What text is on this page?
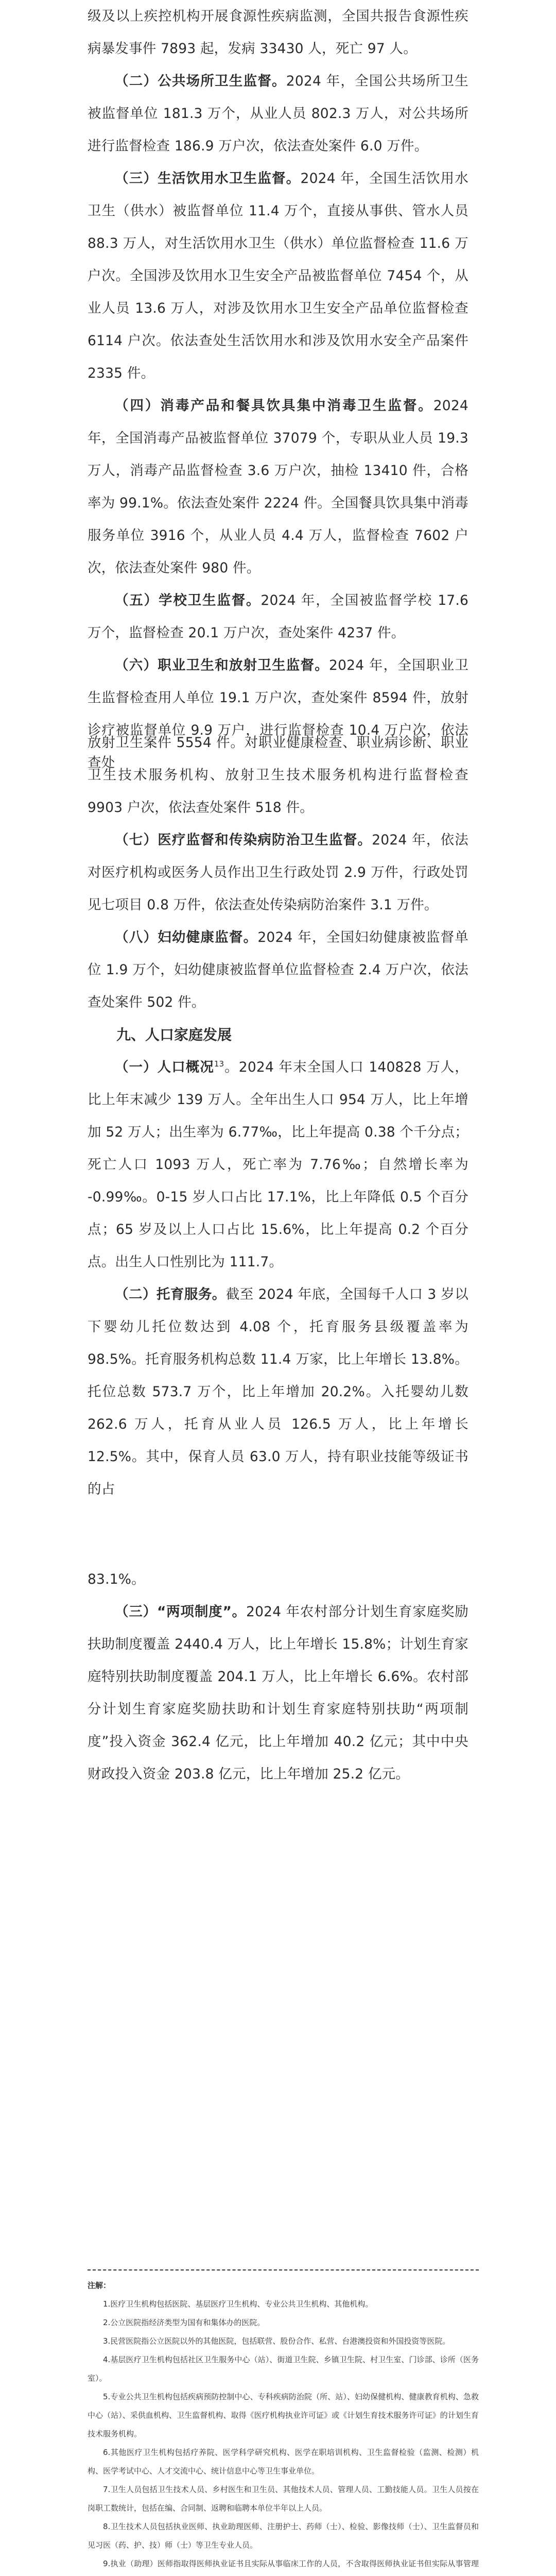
级及以上疾控机构开展食源性疾病监测，全国共报告食源性疾病暴发事件 7893 起，发病 33430 人，死亡 97 人。

（二）公共场所卫生监督。2024 年，全国公共场所卫生被监督单位 181.3 万个，从业人员 802.3 万人，对公共场所进行监督检查 186.9 万户次，依法查处案件 6.0 万件。

（三）生活饮用水卫生监督。2024 年，全国生活饮用水卫生（供水）被监督单位 11.4 万个，直接从事供、管水人员 88.3 万人，对生活饮用水卫生（供水）单位监督检查 11.6 万户次。全国涉及饮用水卫生安全产品被监督单位 7454 个，从业人员 13.6 万人，对涉及饮用水卫生安全产品单位监督检查 6114 户次。依法查处生活饮用水和涉及饮用水安全产品案件 2335 件。

（四）消毒产品和餐具饮具集中消毒卫生监督。2024 年，全国消毒产品被监督单位 37079 个，专职从业人员 19.3 万人，消毒产品监督检查 3.6 万户次，抽检 13410 件，合格率为 99.1%。依法查处案件 2224 件。全国餐具饮具集中消毒服务单位 3916 个，从业人员 4.4 万人，监督检查 7602 户次，依法查处案件 980 件。

（五）学校卫生监督。2024 年，全国被监督学校 17.6 万个，监督检查 20.1 万户次，查处案件 4237 件。

（六）职业卫生和放射卫生监督。2024 年，全国职业卫生监督检查用人单位 19.1 万户次，查处案件 8594 件，放射诊疗被监督单位 9.9 万户，进行监督检查 10.4 万户次，依法查处

放射卫生案件 5554 件。对职业健康检查、职业病诊断、职业卫生技术服务机构、放射卫生技术服务机构进行监督检查 9903 户次，依法查处案件 518 件。

（七）医疗监督和传染病防治卫生监督。2024 年，依法对医疗机构或医务人员作出卫生行政处罚 2.9 万件，行政处罚见七项目 0.8 万件，依法查处传染病防治案件 3.1 万件。

（八）妇幼健康监督。2024 年，全国妇幼健康被监督单位 1.9 万个，妇幼健康被监督单位监督检查 2.4 万户次，依法查处案件 502 件。

九、人口家庭发展

（一）人口概况$^{13}$。2024 年末全国人口 140828 万人，比上年末减少 139 万人。全年出生人口 954 万人，比上年增加 52 万人；出生率为 6.77‰，比上年提高 0.38 个千分点；死亡人口 1093 万人，死亡率为 7.76‰；自然增长率为 -0.99‰。0-15 岁人口占比 17.1%，比上年降低 0.5 个百分点；65 岁及以上人口占比 15.6%，比上年提高 0.2 个百分点。出生人口性别比为 111.7。

（二）托育服务。截至 2024 年底，全国每千人口 3 岁以下婴幼儿托位数达到 4.08 个，托育服务县级覆盖率为 98.5%。托育服务机构总数 11.4 万家，比上年增长 13.8%。托位总数 573.7 万个，比上年增加 20.2%。入托婴幼儿数 262.6 万人，托育从业人员 126.5 万人，比上年增长 12.5%。其中，保育人员 63.0 万人，持有职业技能等级证书的占

83.1%。

（三）“两项制度”。2024 年农村部分计划生育家庭奖励扶助制度覆盖 2440.4 万人，比上年增长 15.8%；计划生育家庭特别扶助制度覆盖 204.1 万人，比上年增长 6.6%。农村部分计划生育家庭奖励扶助和计划生育家庭特别扶助“两项制度”投入资金 362.4 亿元，比上年增加 40.2 亿元；其中中央财政投入资金 203.8 亿元，比上年增加 25.2 亿元。

注解：

1.医疗卫生机构包括医院、基层医疗卫生机构、专业公共卫生机构、其他机构。

2.公立医院指经济类型为国有和集体办的医院。

3.民营医院指公立医院以外的其他医院，包括联营、股份合作、私营、台港澳投资和外国投资等医院。

4.基层医疗卫生机构包括社区卫生服务中心（站）、街道卫生院、乡镇卫生院、村卫生室、门诊部、诊所（医务室）。

5.专业公共卫生机构包括疾病预防控制中心、专科疾病防治院（所、站）、妇幼保健机构、健康教育机构、急救中心（站）、采供血机构、卫生监督机构、取得《医疗机构执业许可证》或《计划生育技术服务许可证》的计划生育技术服务机构。

6.其他医疗卫生机构包括疗养院、医学科学研究机构、医学在职培训机构、卫生监督检验（监测、检测）机构、医学考试中心、人才交流中心、统计信息中心等卫生事业单位。

7.卫生人员包括卫生技术人员、乡村医生和卫生员、其他技术人员、管理人员、工勤技能人员。卫生人员按在岗职工数统计，包括在编、合同制、返聘和临聘本单位半年以上人员。

8.卫生技术人员包括执业医师、执业助理医师、注册护士、药师（士）、检验、影像技师（士）、卫生监督员和见习医（药、护、技）师（士）等卫生专业人员。

9.执业（助理）医师指取得医师执业证书且实际从事临床工作的人员，不含取得医师执业证书但实际从事管理
